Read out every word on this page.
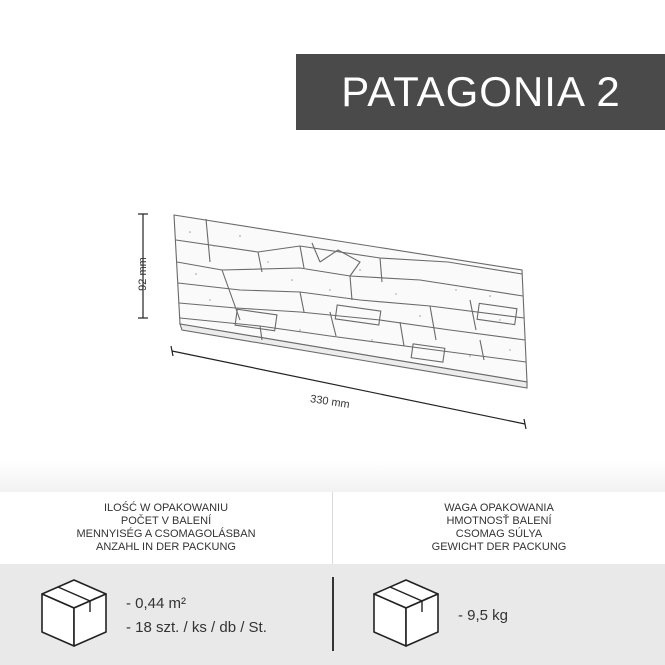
PATAGONIA 2
92 mm
330 mm
ILOŚĆ W OPAKOWANIU
POČET V BALENÍ
MENNYISÉG A CSOMAGOLÁSBAN
ANZAHL IN DER PACKUNG
WAGA OPAKOWANIA
HMOTNOSŤ BALENÍ
CSOMAG SÚLYA
GEWICHT DER PACKUNG
- 0,44 m²
- 18 szt. / ks / db / St.
- 9,5 kg
